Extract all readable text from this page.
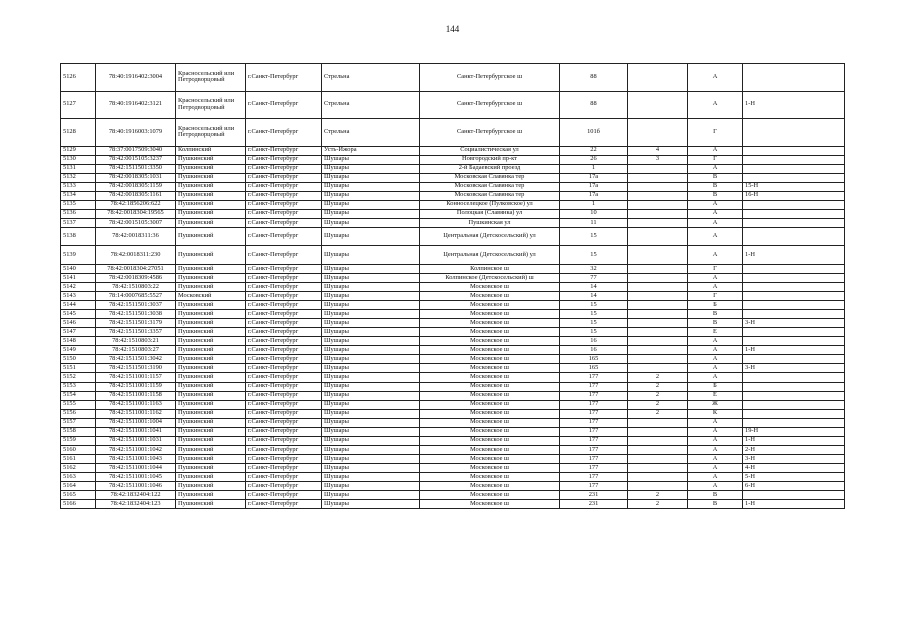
144
5126	78:40:1916402:3004	Красносельский или Петродворцовый	г.Санкт-Петербург	Стрельна	Санкт-Петербургское ш	88		А	
5127	78:40:1916402:3121	Красносельский или Петродворцовый	г.Санкт-Петербург	Стрельна	Санкт-Петербургское ш	88		А	1-Н
5128	78:40:1916003:1079	Красносельский или Петродворцовый	г.Санкт-Петербург	Стрельна	Санкт-Петербургское ш	101б		Г	
5129	78:37:0017509:3040	Колпинский	г.Санкт-Петербург	Усть-Ижора	Социалистическая ул	22	4	А	
5130	78:42:0015105:3237	Пушкинский	г.Санкт-Петербург	Шушары	Новгородский пр-кт	26	3	Г	
5131	78:42:1511501:3350	Пушкинский	г.Санкт-Петербург	Шушары	2-й Бадаевский проезд	1		А	
5132	78:42:0018305:1031	Пушкинский	г.Санкт-Петербург	Шушары	Московская Славянка тер	17а		В	
5133	78:42:0018305:1159	Пушкинский	г.Санкт-Петербург	Шушары	Московская Славянка тер	17а		В	15-Н
5134	78:42:0018305:1161	Пушкинский	г.Санкт-Петербург	Шушары	Московская Славянка тер	17а		В	16-Н
5135	78:42:1856206:622	Пушкинский	г.Санкт-Петербург	Шушары	Конноселецкое (Пулковское) ул	1		А	
5136	78:42:0018304:19565	Пушкинский	г.Санкт-Петербург	Шушары	Полоцкая (Славянка) ул	10		А	
5137	78:42:0015105:3007	Пушкинский	г.Санкт-Петербург	Шушары	Пушкинская ул	11		А	
5138	78:42:0018311:36	Пушкинский	г.Санкт-Петербург	Шушары	Центральная (Детскосельский) ул	15		А	
5139	78:42:0018311:230	Пушкинский	г.Санкт-Петербург	Шушары	Центральная (Детскосельский) ул	15		А	1-Н
5140	78:42:0018304:27051	Пушкинский	г.Санкт-Петербург	Шушары	Колпинское ш	32		Г	
5141	78:42:0018309:4586	Пушкинский	г.Санкт-Петербург	Шушары	Колпинское (Детскосельский) ш	77		А	
5142	78:42:1510803:22	Пушкинский	г.Санкт-Петербург	Шушары	Московское ш	14		А	
5143	78:14:0007685:5527	Московский	г.Санкт-Петербург	Шушары	Московское ш	14		Г	
5144	78:42:1511501:3037	Пушкинский	г.Санкт-Петербург	Шушары	Московское ш	15		Б	
5145	78:42:1511501:3038	Пушкинский	г.Санкт-Петербург	Шушары	Московское ш	15		В	
5146	78:42:1511501:3179	Пушкинский	г.Санкт-Петербург	Шушары	Московское ш	15		В	3-Н
5147	78:42:1511501:3357	Пушкинский	г.Санкт-Петербург	Шушары	Московское ш	15		Е	
5148	78:42:1510803:21	Пушкинский	г.Санкт-Петербург	Шушары	Московское ш	16		А	
5149	78:42:1510803:27	Пушкинский	г.Санкт-Петербург	Шушары	Московское ш	16		А	1-Н
5150	78:42:1511501:3042	Пушкинский	г.Санкт-Петербург	Шушары	Московское ш	165		А	
5151	78:42:1511501:3190	Пушкинский	г.Санкт-Петербург	Шушары	Московское ш	165		А	3-Н
5152	78:42:1511001:1157	Пушкинский	г.Санкт-Петербург	Шушары	Московское ш	177	2	А	
5153	78:42:1511001:1159	Пушкинский	г.Санкт-Петербург	Шушары	Московское ш	177	2	Б	
5154	78:42:1511001:1158	Пушкинский	г.Санкт-Петербург	Шушары	Московское ш	177	2	Е	
5155	78:42:1511001:1163	Пушкинский	г.Санкт-Петербург	Шушары	Московское ш	177	2	Ж	
5156	78:42:1511001:1162	Пушкинский	г.Санкт-Петербург	Шушары	Московское ш	177	2	К	
5157	78:42:1511001:1004	Пушкинский	г.Санкт-Петербург	Шушары	Московское ш	177		А	
5158	78:42:1511001:1041	Пушкинский	г.Санкт-Петербург	Шушары	Московское ш	177		А	19-Н
5159	78:42:1511001:1031	Пушкинский	г.Санкт-Петербург	Шушары	Московское ш	177		А	1-Н
5160	78:42:1511001:1042	Пушкинский	г.Санкт-Петербург	Шушары	Московское ш	177		А	2-Н
5161	78:42:1511001:1043	Пушкинский	г.Санкт-Петербург	Шушары	Московское ш	177		А	3-Н
5162	78:42:1511001:1044	Пушкинский	г.Санкт-Петербург	Шушары	Московское ш	177		А	4-Н
5163	78:42:1511001:1045	Пушкинский	г.Санкт-Петербург	Шушары	Московское ш	177		А	5-Н
5164	78:42:1511001:1046	Пушкинский	г.Санкт-Петербург	Шушары	Московское ш	177		А	6-Н
5165	78:42:1832404:122	Пушкинский	г.Санкт-Петербург	Шушары	Московское ш	231	2	В	
5166	78:42:1832404:123	Пушкинский	г.Санкт-Петербург	Шушары	Московское ш	231	2	В	1-Н
